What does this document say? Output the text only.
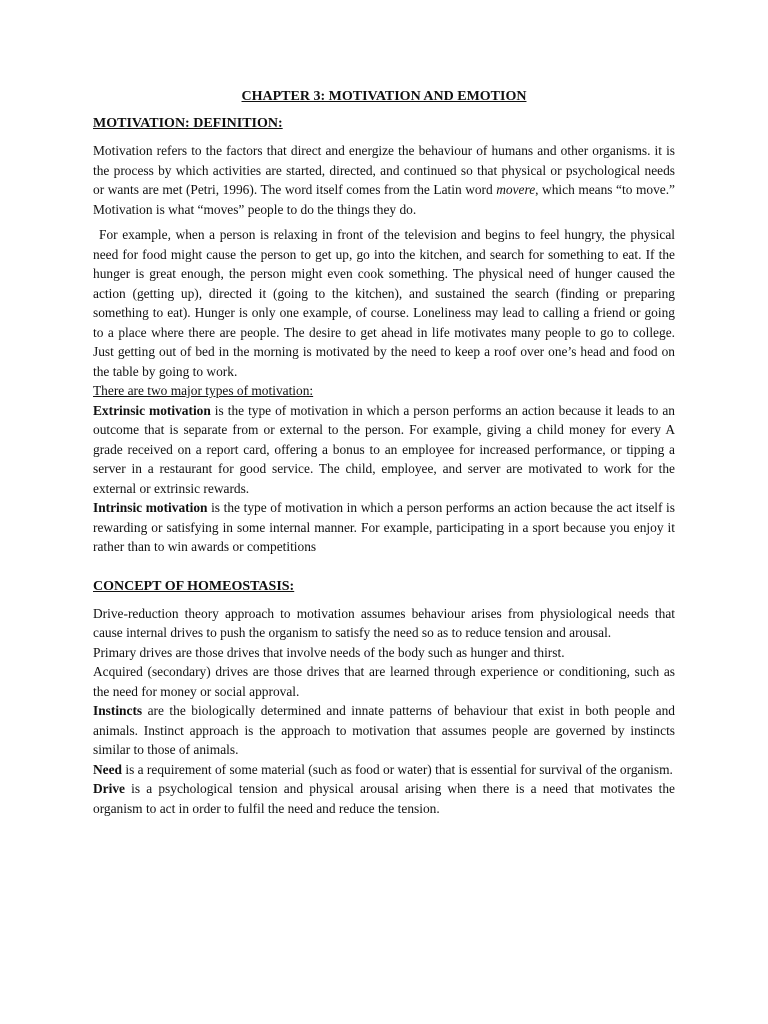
CHAPTER 3: MOTIVATION AND EMOTION
MOTIVATION: DEFINITION:

Motivation refers to the factors that direct and energize the behaviour of humans and other organisms. it is the process by which activities are started, directed, and continued so that physical or psychological needs or wants are met (Petri, 1996). The word itself comes from the Latin word movere, which means “to move.” Motivation is what “moves” people to do the things they do.

For example, when a person is relaxing in front of the television and begins to feel hungry, the physical need for food might cause the person to get up, go into the kitchen, and search for something to eat. If the hunger is great enough, the person might even cook something. The physical need of hunger caused the action (getting up), directed it (going to the kitchen), and sustained the search (finding or preparing something to eat). Hunger is only one example, of course. Loneliness may lead to calling a friend or going to a place where there are people. The desire to get ahead in life motivates many people to go to college. Just getting out of bed in the morning is motivated by the need to keep a roof over one’s head and food on the table by going to work.

There are two major types of motivation:

Extrinsic motivation is the type of motivation in which a person performs an action because it leads to an outcome that is separate from or external to the person. For example, giving a child money for every A grade received on a report card, offering a bonus to an employee for increased performance, or tipping a server in a restaurant for good service. The child, employee, and server are motivated to work for the external or extrinsic rewards.

Intrinsic motivation is the type of motivation in which a person performs an action because the act itself is rewarding or satisfying in some internal manner. For example, participating in a sport because you enjoy it rather than to win awards or competitions

CONCEPT OF HOMEOSTASIS:

Drive-reduction theory approach to motivation assumes behaviour arises from physiological needs that cause internal drives to push the organism to satisfy the need so as to reduce tension and arousal.

Primary drives are those drives that involve needs of the body such as hunger and thirst.

Acquired (secondary) drives are those drives that are learned through experience or conditioning, such as the need for money or social approval.

Instincts are the biologically determined and innate patterns of behaviour that exist in both people and animals. Instinct approach is the approach to motivation that assumes people are governed by instincts similar to those of animals.

Need is a requirement of some material (such as food or water) that is essential for survival of the organism.

Drive is a psychological tension and physical arousal arising when there is a need that motivates the organism to act in order to fulfil the need and reduce the tension.
